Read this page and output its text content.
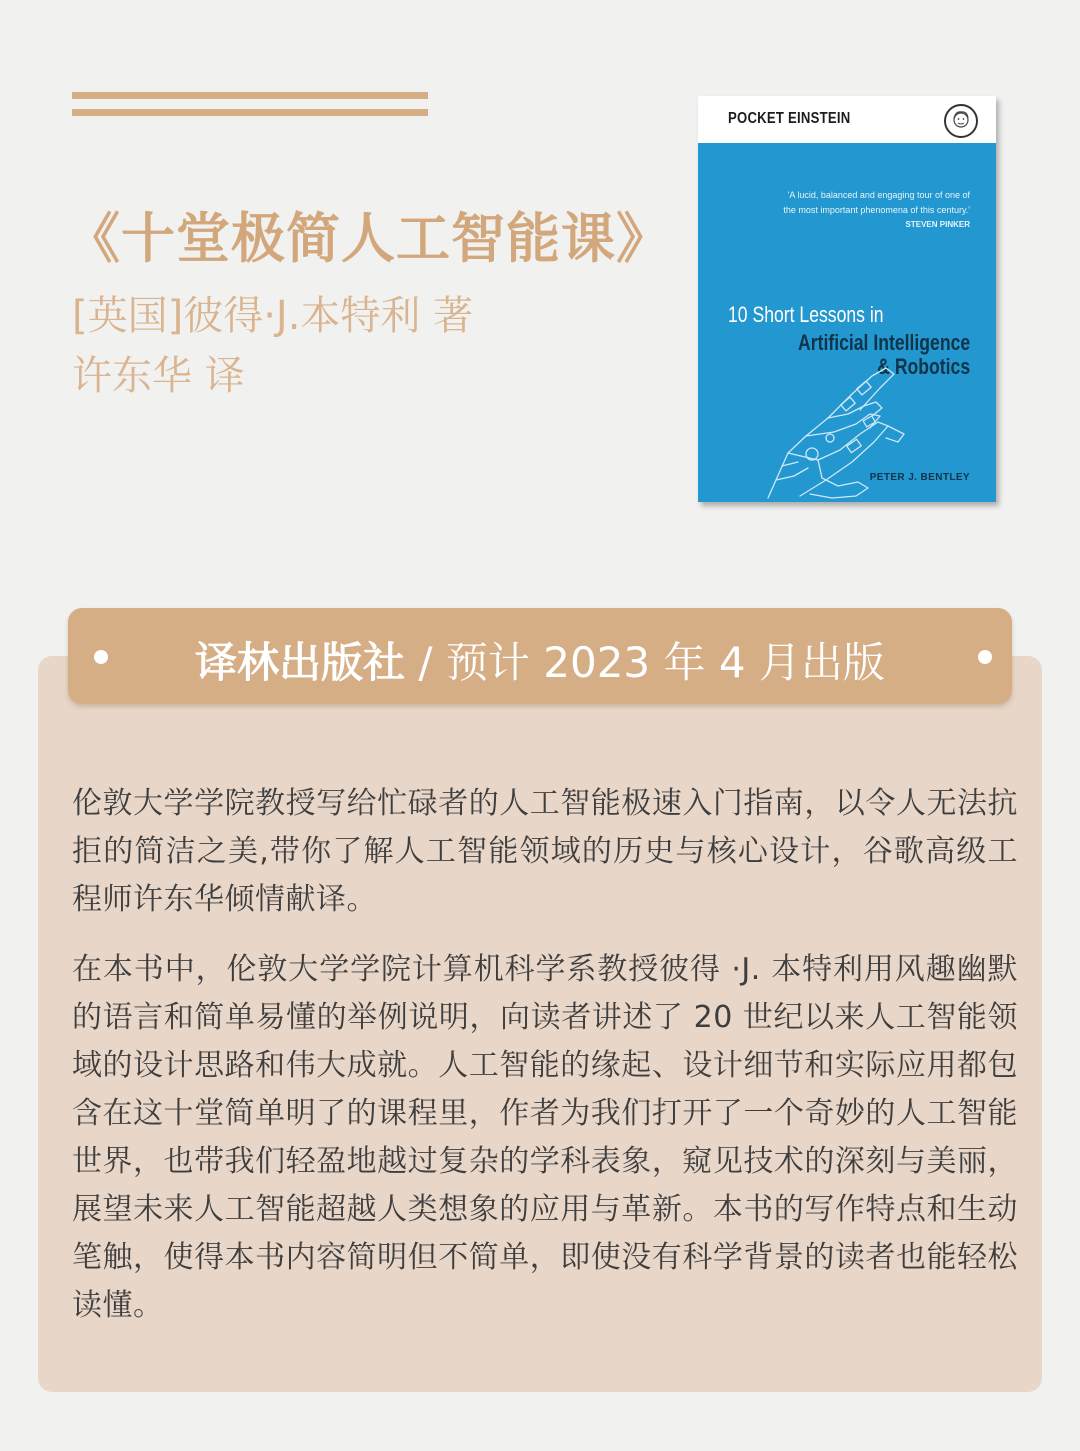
《十堂极简人工智能课》

[英国]彼得·J.本特利 著

许东华 译

POCKET EINSTEIN
'A lucid, balanced and engaging tour of one of the most important phenomena of this century.'
STEVEN PINKER
10 Short Lessons in
Artificial Intelligence
& Robotics
PETER J. BENTLEY
译林出版社 / 预计 2023 年 4 月出版

伦敦大学学院教授写给忙碌者的人工智能极速入门指南，以令人无法抗拒的简洁之美,带你了解人工智能领域的历史与核心设计，谷歌高级工程师许东华倾情献译。

在本书中，伦敦大学学院计算机科学系教授彼得 ·J. 本特利用风趣幽默的语言和简单易懂的举例说明，向读者讲述了 20 世纪以来人工智能领域的设计思路和伟大成就。人工智能的缘起、设计细节和实际应用都包含在这十堂简单明了的课程里，作者为我们打开了一个奇妙的人工智能世界，也带我们轻盈地越过复杂的学科表象，窥见技术的深刻与美丽，展望未来人工智能超越人类想象的应用与革新。本书的写作特点和生动笔触，使得本书内容简明但不简单，即使没有科学背景的读者也能轻松读懂。
